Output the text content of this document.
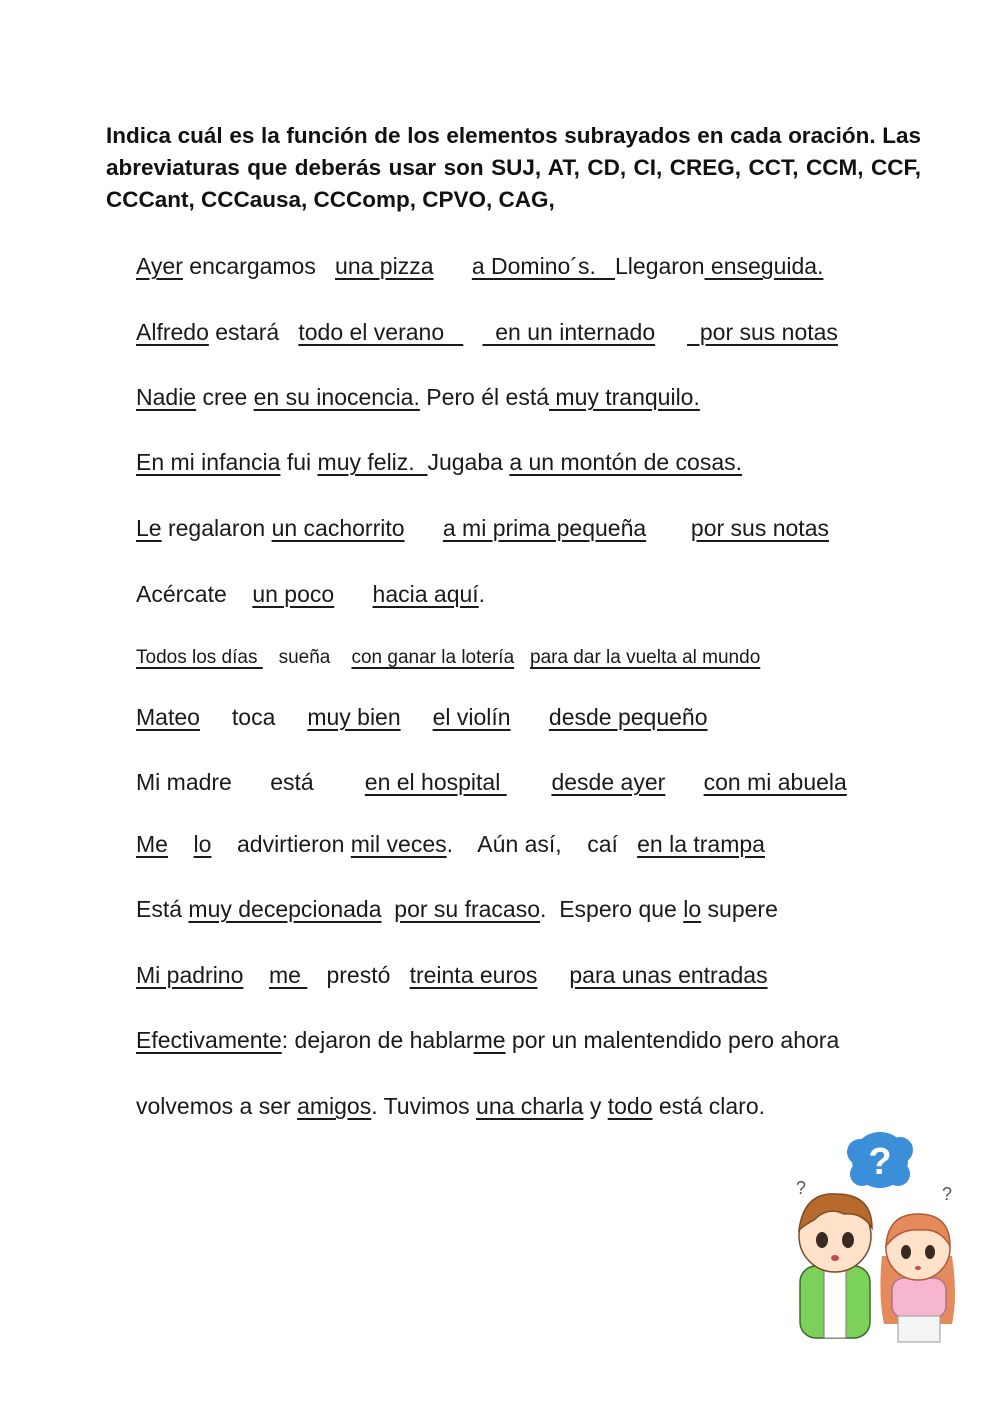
Indica cuál es la función de los elementos subrayados en cada oración. Las abreviaturas que deberás usar son SUJ, AT, CD, CI, CREG, CCT, CCM, CCF, CCCant, CCCausa, CCComp, CPVO, CAG,

Ayer encargamos   una pizza a Domino´s.   Llegaron enseguida.

Alfredo estará   todo el verano        en un internado       por sus notas

Nadie cree en su inocencia. Pero él está muy tranquilo.

En mi infancia fui muy feliz.  Jugaba a un montón de cosas.

Le regalaron un cachorrito a mi prima pequeña por sus notas

Acércate    un poco hacia aquí.

Todos los días    sueña    con ganar la lotería para dar la vuelta al mundo

Mateo     toca     muy bien el violín desde pequeño

Mi madre      está        en el hospital        desde ayer con mi abuela

Me lo    advirtieron mil veces.    Aún así,    caí   en la trampa

Está muy decepcionada por su fracaso.  Espero que lo supere

Mi padrino me    prestó   treinta euros para unas entradas

Efectivamente: dejaron de hablarme por un malentendido pero ahora

volvemos a ser amigos. Tuvimos una charla y todo está claro.

?
?	?
